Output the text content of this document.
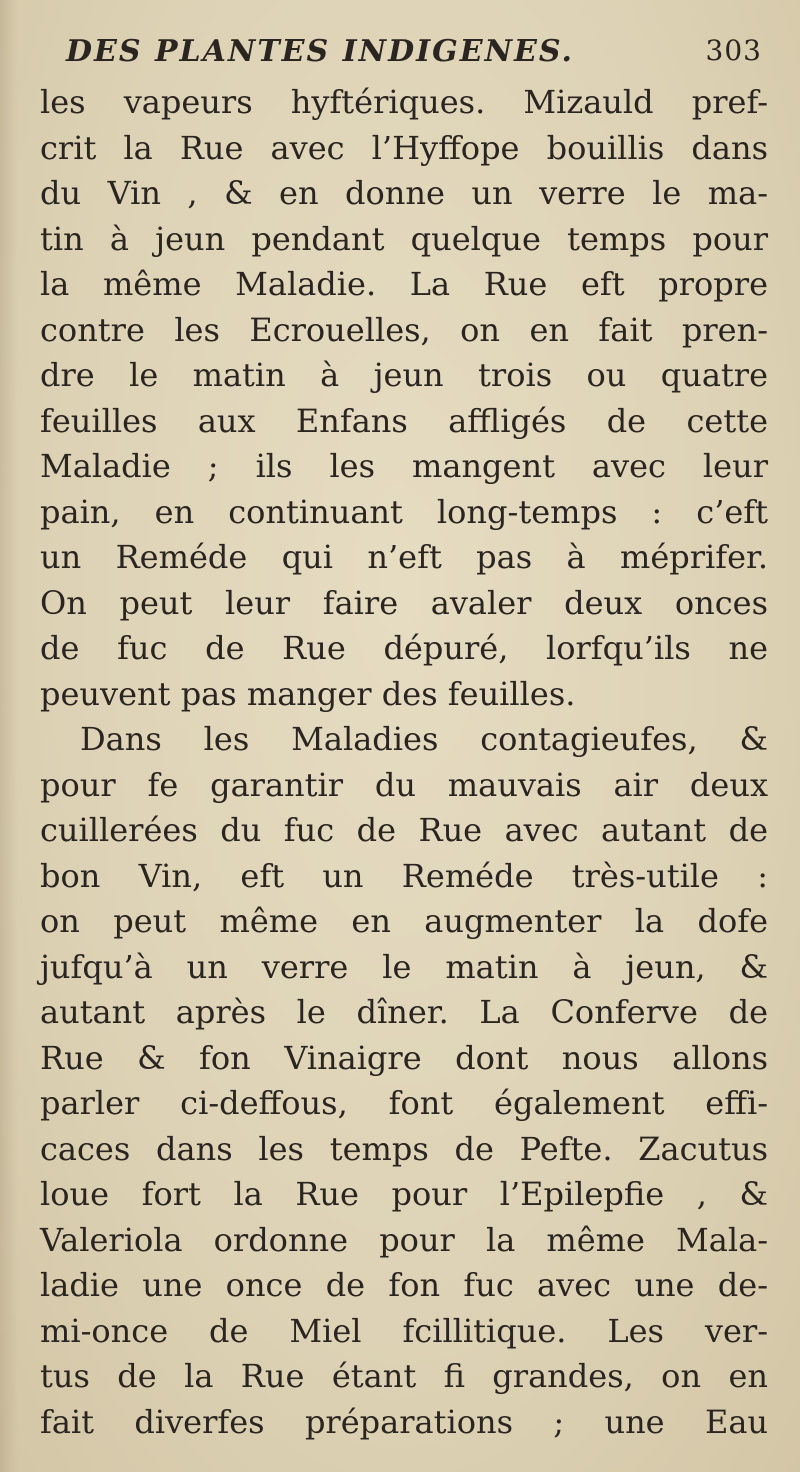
DES PLANTES INDIGENES.	303
les vapeurs hyftériques. Mizauld pref-
crit la Rue avec l’Hyffope bouillis dans
du Vin , & en donne un verre le ma-
tin à jeun pendant quelque temps pour
la même Maladie. La Rue eft propre
contre les Ecrouelles, on en fait pren-
dre le matin à jeun trois ou quatre
feuilles aux Enfans affligés de cette
Maladie ; ils les mangent avec leur
pain, en continuant long-temps : c’eft
un Reméde qui n’eft pas à méprifer.
On peut leur faire avaler deux onces
de fuc de Rue dépuré, lorfqu’ils ne
peuvent pas manger des feuilles.
Dans les Maladies contagieufes, &
pour fe garantir du mauvais air deux
cuillerées du fuc de Rue avec autant de
bon Vin, eft un Reméde très-utile :
on peut même en augmenter la dofe
jufqu’à un verre le matin à jeun, &
autant après le dîner. La Conferve de
Rue & fon Vinaigre dont nous allons
parler ci-deffous, font également effi-
caces dans les temps de Pefte. Zacutus
loue fort la Rue pour l’Epilepfie , &
Valeriola ordonne pour la même Mala-
ladie une once de fon fuc avec une de-
mi-once de Miel fcillitique. Les ver-
tus de la Rue étant fi grandes, on en
fait diverfes préparations ; une Eau
